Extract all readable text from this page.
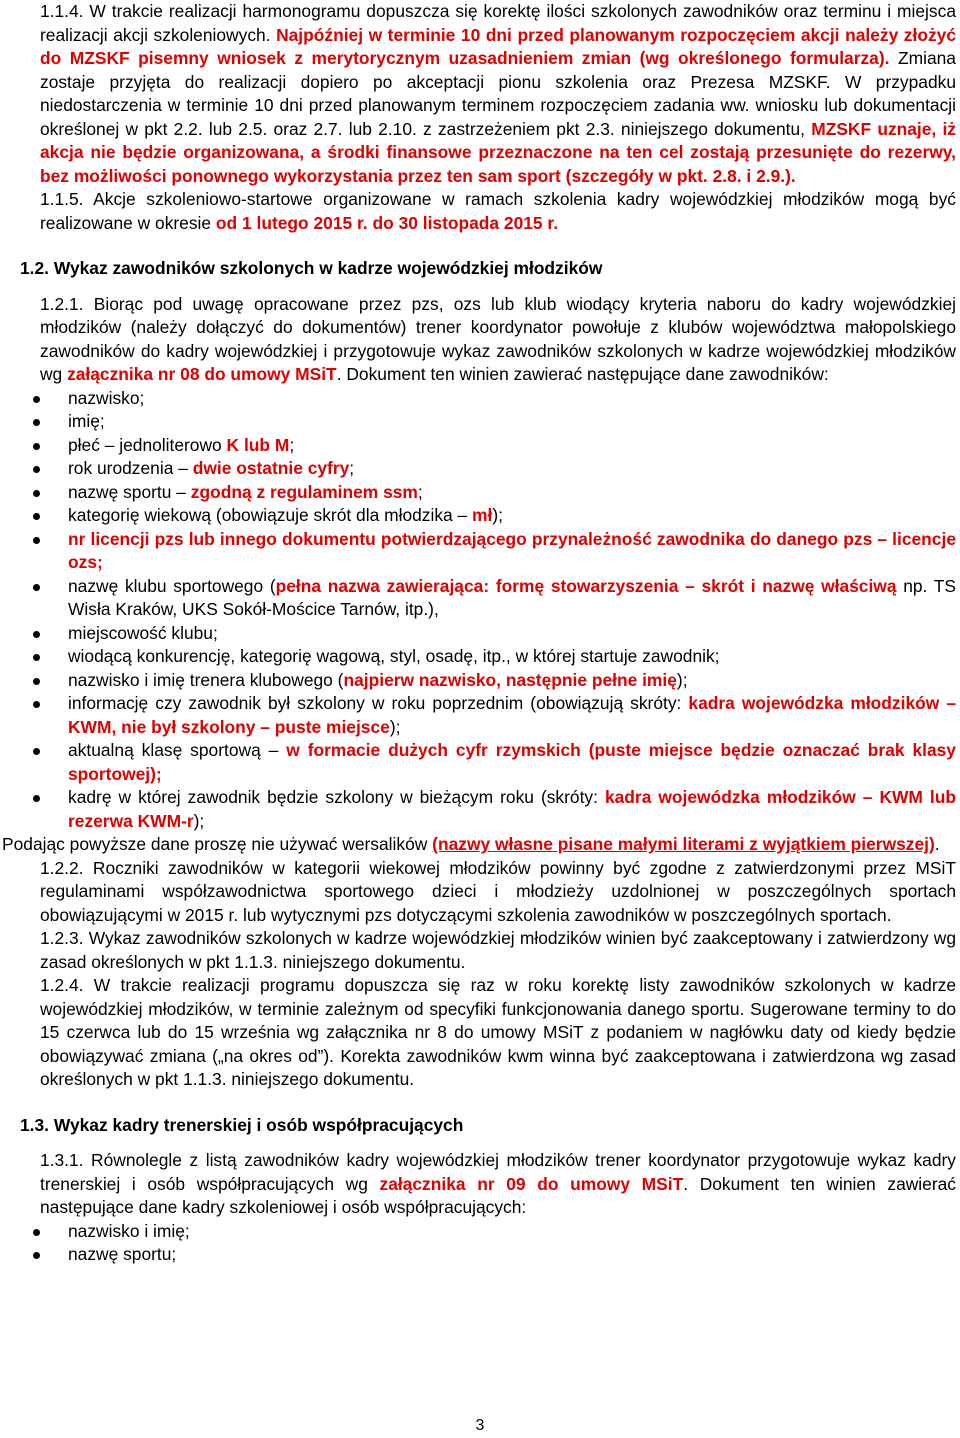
1.1.4. W trakcie realizacji harmonogramu dopuszcza się korektę ilości szkolonych zawodników oraz terminu i miejsca realizacji akcji szkoleniowych. Najpóźniej w terminie 10 dni przed planowanym rozpoczęciem akcji należy złożyć do MZSKF pisemny wniosek z merytorycznym uzasadnieniem zmian (wg określonego formularza). Zmiana zostaje przyjęta do realizacji dopiero po akceptacji pionu szkolenia oraz Prezesa MZSKF. W przypadku niedostarczenia w terminie 10 dni przed planowanym terminem rozpoczęciem zadania ww. wniosku lub dokumentacji określonej w pkt 2.2. lub 2.5. oraz 2.7. lub 2.10. z zastrzeżeniem pkt 2.3. niniejszego dokumentu, MZSKF uznaje, iż akcja nie będzie organizowana, a środki finansowe przeznaczone na ten cel zostają przesunięte do rezerwy, bez możliwości ponownego wykorzystania przez ten sam sport (szczegóły w pkt. 2.8. i 2.9.).

1.1.5. Akcje szkoleniowo-startowe organizowane w ramach szkolenia kadry wojewódzkiej młodzików mogą być realizowane w okresie od 1 lutego 2015 r. do 30 listopada 2015 r.

1.2. Wykaz zawodników szkolonych w kadrze wojewódzkiej młodzików

1.2.1. Biorąc pod uwagę opracowane przez pzs, ozs lub klub wiodący kryteria naboru do kadry wojewódzkiej młodzików (należy dołączyć do dokumentów) trener koordynator powołuje z klubów województwa małopolskiego zawodników do kadry wojewódzkiej i przygotowuje wykaz zawodników szkolonych w kadrze wojewódzkiej młodzików wg załącznika nr 08 do umowy MSiT. Dokument ten winien zawierać następujące dane zawodników:

nazwisko;
imię;
płeć – jednoliterowo K lub M;
rok urodzenia – dwie ostatnie cyfry;
nazwę sportu – zgodną z regulaminem ssm;
kategorię wiekową (obowiązuje skrót dla młodzika – mł);
nr licencji pzs lub innego dokumentu potwierdzającego przynależność zawodnika do danego pzs – licencje ozs;
nazwę klubu sportowego (pełna nazwa zawierająca: formę stowarzyszenia – skrót i nazwę właściwą np. TS Wisła Kraków, UKS Sokół-Mościce Tarnów, itp.),
miejscowość klubu;
wiodącą konkurencję, kategorię wagową, styl, osadę, itp., w której startuje zawodnik;
nazwisko i imię trenera klubowego (najpierw nazwisko, następnie pełne imię);
informację czy zawodnik był szkolony w roku poprzednim (obowiązują skróty: kadra wojewódzka młodzików – KWM, nie był szkolony – puste miejsce);
aktualną klasę sportową – w formacie dużych cyfr rzymskich (puste miejsce będzie oznaczać brak klasy sportowej);
kadrę w której zawodnik będzie szkolony w bieżącym roku (skróty: kadra wojewódzka młodzików – KWM lub rezerwa KWM-r);

Podając powyższe dane proszę nie używać wersalików (nazwy własne pisane małymi literami z wyjątkiem pierwszej).

1.2.2. Roczniki zawodników w kategorii wiekowej młodzików powinny być zgodne z zatwierdzonymi przez MSiT regulaminami współzawodnictwa sportowego dzieci i młodzieży uzdolnionej w poszczególnych sportach obowiązującymi w 2015 r. lub wytycznymi pzs dotyczącymi szkolenia zawodników w poszczególnych sportach.

1.2.3. Wykaz zawodników szkolonych w kadrze wojewódzkiej młodzików winien być zaakceptowany i zatwierdzony wg zasad określonych w pkt 1.1.3. niniejszego dokumentu.

1.2.4. W trakcie realizacji programu dopuszcza się raz w roku korektę listy zawodników szkolonych w kadrze wojewódzkiej młodzików, w terminie zależnym od specyfiki funkcjonowania danego sportu. Sugerowane terminy to do 15 czerwca lub do 15 września wg załącznika nr 8 do umowy MSiT z podaniem w nagłówku daty od kiedy będzie obowiązywać zmiana („na okres od”). Korekta zawodników kwm winna być zaakceptowana i zatwierdzona wg zasad określonych w pkt 1.1.3. niniejszego dokumentu.

1.3. Wykaz kadry trenerskiej i osób współpracujących

1.3.1. Równolegle z listą zawodników kadry wojewódzkiej młodzików trener koordynator przygotowuje wykaz kadry trenerskiej i osób współpracujących wg załącznika nr 09 do umowy MSiT. Dokument ten winien zawierać następujące dane kadry szkoleniowej i osób współpracujących:

nazwisko i imię;
nazwę sportu;
3
